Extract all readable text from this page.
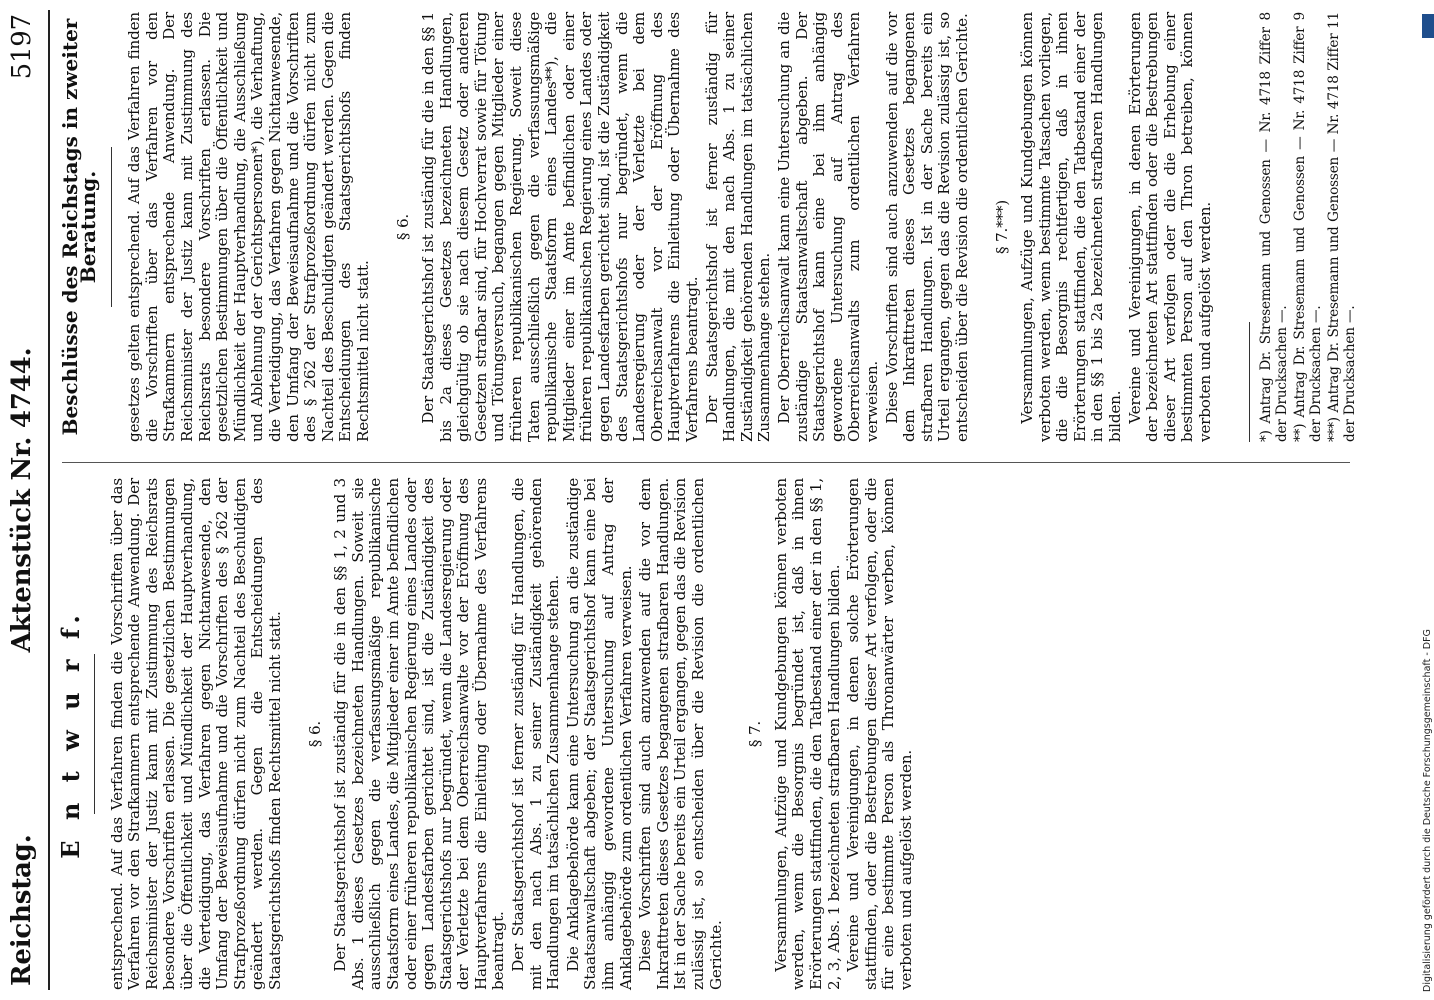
Reichstag.
Aktenstück Nr. 4744.
5197
E n t w u r f. entsprechend. Auf das Verfahren finden die Vorschriften über das Verfahren vor den Strafkammern entsprechende Anwendung. Der Reichsminister der Justiz kann mit Zustimmung des Reichsrats besondere Vorschriften erlassen. Die gesetzlichen Bestimmungen über die Öffentlichkeit und Mündlichkeit der Hauptverhandlung, die Verteidigung, das Verfahren gegen Nichtanwesende, den Umfang der Beweisaufnahme und die Vorschriften des § 262 der Strafprozeßordnung dürfen nicht zum Nachteil des Beschuldigten geändert werden. Gegen die Entscheidungen des Staatsgerichtshofs finden Rechtsmittel nicht statt. § 6. Der Staatsgerichtshof ist zuständig für die in den §§ 1, 2 und 3 Abs. 1 dieses Gesetzes bezeichneten Handlungen. Soweit sie ausschließlich gegen die verfassungsmäßige republikanische Staatsform eines Landes, die Mitglieder einer im Amte befindlichen oder einer früheren republikanischen Regierung eines Landes oder gegen Landesfarben gerichtet sind, ist die Zuständigkeit des Staatsgerichtshofs nur begründet, wenn die Landesregierung oder der Verletzte bei dem Oberreichsanwalte vor der Eröffnung des Hauptverfahrens die Einleitung oder Übernahme des Verfahrens beantragt. Der Staatsgerichtshof ist ferner zuständig für Handlungen, die mit den nach Abs. 1 zu seiner Zuständigkeit gehörenden Handlungen im tatsächlichen Zusammenhange stehen. Die Anklagebehörde kann eine Untersuchung an die zuständige Staatsanwaltschaft abgeben; der Staatsgerichtshof kann eine bei ihm anhängig gewordene Untersuchung auf Antrag der Anklagebehörde zum ordentlichen Verfahren verweisen. Diese Vorschriften sind auch anzuwenden auf die vor dem Inkrafttreten dieses Gesetzes begangenen strafbaren Handlungen. Ist in der Sache bereits ein Urteil ergangen, gegen das die Revision zulässig ist, so entscheiden über die Revision die ordentlichen Gerichte.

§ 7. Versammlungen, Aufzüge und Kundgebungen können verboten werden, wenn die Besorgnis begründet ist, daß in ihnen Erörterungen stattfinden, die den Tatbestand einer der in den §§ 1, 2, 3, Abs. 1 bezeichneten strafbaren Handlungen bilden. Vereine und Vereinigungen, in denen solche Erörterungen stattfinden, oder die Bestrebungen dieser Art verfolgen, oder die für eine bestimmte Person als Thronanwärter werben, können verboten und aufgelöst werden.

Beschlüsse des Reichstags in zweiter Beratung. gesetzes gelten entsprechend. Auf das Verfahren finden die Vorschriften über das Verfahren vor den Strafkammern entsprechende Anwendung. Der Reichsminister der Justiz kann mit Zustimmung des Reichsrats besondere Vorschriften erlassen. Die gesetzlichen Bestimmungen über die Öffentlichkeit und Mündlichkeit der Hauptverhandlung, die Ausschließung und Ablehnung der Gerichtspersonen*), die Verhaftung, die Verteidigung, das Verfahren gegen Nichtanwesende, den Umfang der Beweisaufnahme und die Vorschriften des § 262 der Strafprozeßordnung dürfen nicht zum Nachteil des Beschuldigten geändert werden. Gegen die Entscheidungen des Staatsgerichtshofs finden Rechtsmittel nicht statt.

§ 6. Der Staatsgerichtshof ist zuständig für die in den §§ 1 bis 2a dieses Gesetzes bezeichneten Handlungen, gleichgültig ob sie nach diesem Gesetz oder anderen Gesetzen strafbar sind, für Hochverrat sowie für Tötung und Tötungsversuch, begangen gegen Mitglieder einer früheren republikanischen Regierung. Soweit diese Taten ausschließlich gegen die verfassungsmäßige republikanische Staatsform eines Landes**), die Mitglieder einer im Amte befindlichen oder einer früheren republikanischen Regierung eines Landes oder gegen Landesfarben gerichtet sind, ist die Zuständigkeit des Staatsgerichtshofs nur begründet, wenn die Landesregierung oder der Verletzte bei dem Oberreichsanwalt vor der Eröffnung des Hauptverfahrens die Einleitung oder Übernahme des Verfahrens beantragt. Der Staatsgerichtshof ist ferner zuständig für Handlungen, die mit den nach Abs. 1 zu seiner Zuständigkeit gehörenden Handlungen im tatsächlichen Zusammenhange stehen. Der Oberreichsanwalt kann eine Untersuchung an die zuständige Staatsanwaltschaft abgeben. Der Staatsgerichtshof kann eine bei ihm anhängig gewordene Untersuchung auf Antrag des Oberreichsanwalts zum ordentlichen Verfahren verweisen. Diese Vorschriften sind auch anzuwenden auf die vor dem Inkrafttreten dieses Gesetzes begangenen strafbaren Handlungen. Ist in der Sache bereits ein Urteil ergangen, gegen das die Revision zulässig ist, so entscheiden über die Revision die ordentlichen Gerichte. § 7.***) Versammlungen, Aufzüge und Kundgebungen können verboten werden, wenn bestimmte Tatsachen vorliegen, die die Besorgnis rechtfertigen, daß in ihnen Erörterungen stattfinden, die den Tatbestand einer der in den §§ 1 bis 2a bezeichneten strafbaren Handlungen bilden. Vereine und Vereinigungen, in denen Erörterungen der bezeichneten Art stattfinden oder die Bestrebungen dieser Art verfolgen oder die die Erhebung einer bestimmten Person auf den Thron betreiben, können verboten und aufgelöst werden.	*) Antrag Dr. Stresemann und Genossen — Nr. 4718 Ziffer 8 der Drucksachen —. **) Antrag Dr. Stresemann und Genossen — Nr. 4718 Ziffer 9 der Drucksachen —. ***) Antrag Dr. Stresemann und Genossen — Nr. 4718 Ziffer 11 der Drucksachen —.

Digitalisierung gefördert durch die Deutsche Forschungsgemeinschaft - DFG
